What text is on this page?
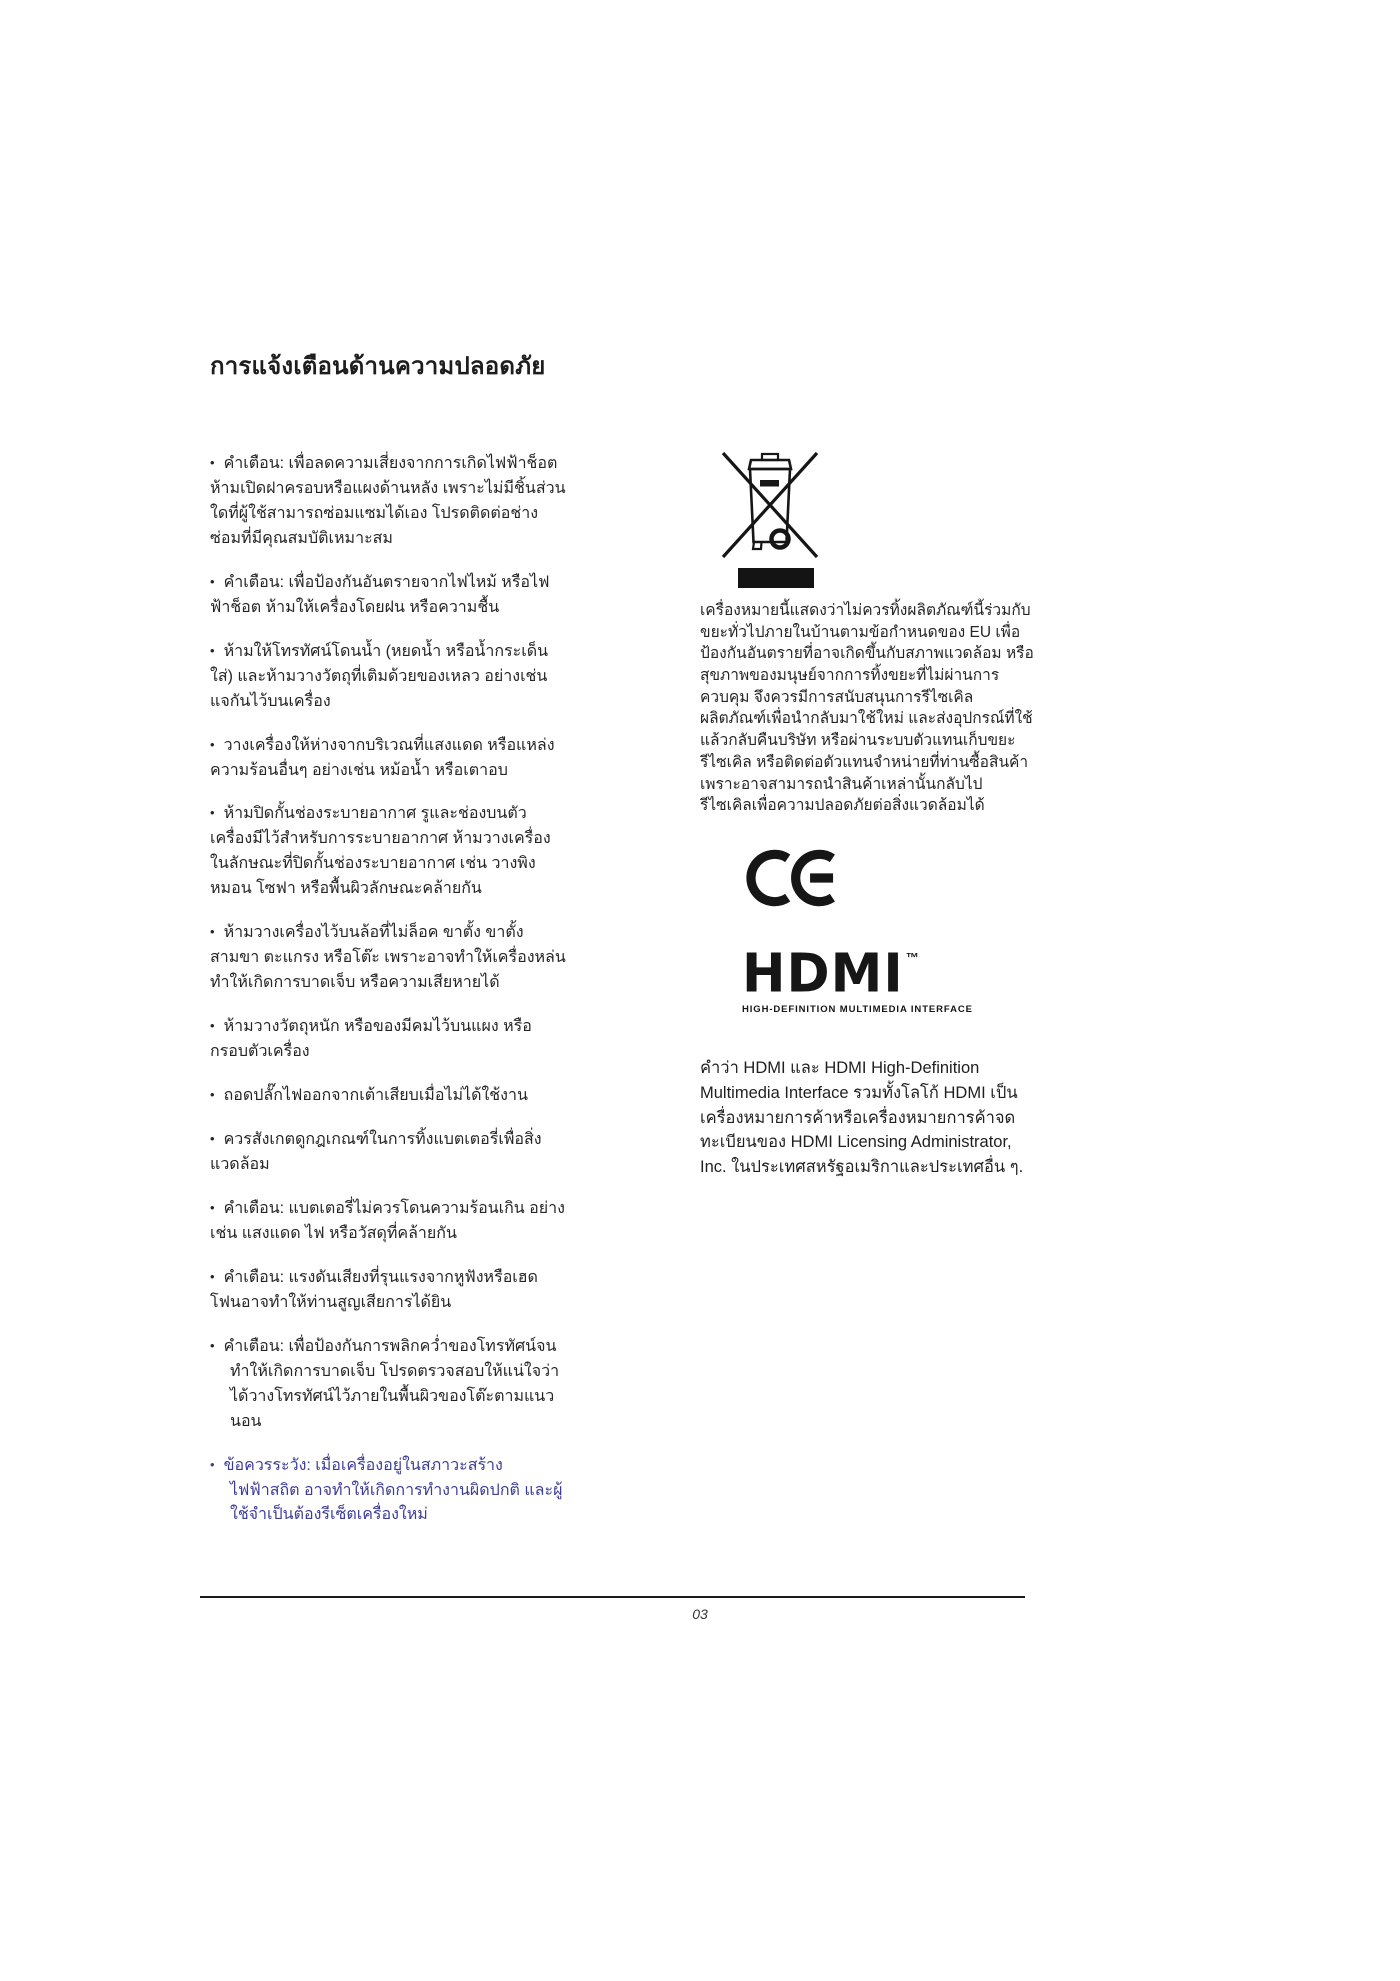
การแจ้งเตือนด้านความปลอดภัย
• คำเตือน: เพื่อลดความเสี่ยงจากการเกิดไฟฟ้าช็อต ห้ามเปิดฝาครอบหรือแผงด้านหลัง เพราะไม่มีชิ้นส่วนใดที่ผู้ใช้สามารถซ่อมแซมได้เอง โปรดติดต่อช่างซ่อมที่มีคุณสมบัติเหมาะสม
• คำเตือน: เพื่อป้องกันอันตรายจากไฟไหม้ หรือไฟฟ้าช็อต ห้ามให้เครื่องโดยฝน หรือความชื้น
• ห้ามให้โทรทัศน์โดนน้ำ (หยดน้ำ หรือน้ำกระเด็นใส่) และห้ามวางวัตถุที่เติมด้วยของเหลว อย่างเช่น แจกันไว้บนเครื่อง
• วางเครื่องให้ห่างจากบริเวณที่แสงแดด หรือแหล่งความร้อนอื่นๆ อย่างเช่น หม้อน้ำ หรือเตาอบ
• ห้ามปิดกั้นช่องระบายอากาศ รูและช่องบนตัวเครื่องมีไว้สำหรับการระบายอากาศ ห้ามวางเครื่องในลักษณะที่ปิดกั้นช่องระบายอากาศ เช่น วางพิงหมอน โซฟา หรือพื้นผิวลักษณะคล้ายกัน
• ห้ามวางเครื่องไว้บนล้อที่ไม่ล็อค ขาตั้ง ขาตั้งสามขา ตะแกรง หรือโต๊ะ เพราะอาจทำให้เครื่องหล่น ทำให้เกิดการบาดเจ็บ หรือความเสียหายได้
• ห้ามวางวัตถุหนัก หรือของมีคมไว้บนแผง หรือกรอบตัวเครื่อง
• ถอดปลั๊กไฟออกจากเต้าเสียบเมื่อไม่ได้ใช้งาน
• ควรสังเกตดูกฎเกณฑ์ในการทิ้งแบตเตอรี่เพื่อสิ่งแวดล้อม
• คำเตือน: แบตเตอรี่ไม่ควรโดนความร้อนเกิน อย่างเช่น แสงแดด ไฟ หรือวัสดุที่คล้ายกัน
• คำเตือน: แรงดันเสียงที่รุนแรงจากหูฟังหรือเฮดโฟนอาจทำให้ท่านสูญเสียการได้ยิน
• คำเตือน: เพื่อป้องกันการพลิกคว่ำของโทรทัศน์จนทำให้เกิดการบาดเจ็บ โปรดตรวจสอบให้แน่ใจว่าได้วางโทรทัศน์ไว้ภายในพื้นผิวของโต๊ะตามแนวนอน
• ข้อควรระวัง: เมื่อเครื่องอยู่ในสภาวะสร้างไฟฟ้าสถิต อาจทำให้เกิดการทำงานผิดปกติ และผู้ใช้จำเป็นต้องรีเซ็ตเครื่องใหม่

เครื่องหมายนี้แสดงว่าไม่ควรทิ้งผลิตภัณฑ์นี้ร่วมกับขยะทั่วไปภายในบ้านตามข้อกำหนดของ EU เพื่อป้องกันอันตรายที่อาจเกิดขึ้นกับสภาพแวดล้อม หรือสุขภาพของมนุษย์จากการทิ้งขยะที่ไม่ผ่านการควบคุม จึงควรมีการสนับสนุนการรีไซเคิลผลิตภัณฑ์เพื่อนำกลับมาใช้ใหม่ และส่งอุปกรณ์ที่ใช้แล้วกลับคืนบริษัท หรือผ่านระบบตัวแทนเก็บขยะรีไซเคิล หรือติดต่อตัวแทนจำหน่ายที่ท่านซื้อสินค้า เพราะอาจสามารถนำสินค้าเหล่านั้นกลับไปรีไซเคิลเพื่อความปลอดภัยต่อสิ่งแวดล้อมได้

HDMI ™
HIGH-DEFINITION MULTIMEDIA INTERFACE

คำว่า HDMI และ HDMI High-Definition Multimedia Interface รวมทั้งโลโก้ HDMI เป็นเครื่องหมายการค้าหรือเครื่องหมายการค้าจดทะเบียนของ HDMI Licensing Administrator, Inc. ในประเทศสหรัฐอเมริกาและประเทศอื่น ๆ.

03
